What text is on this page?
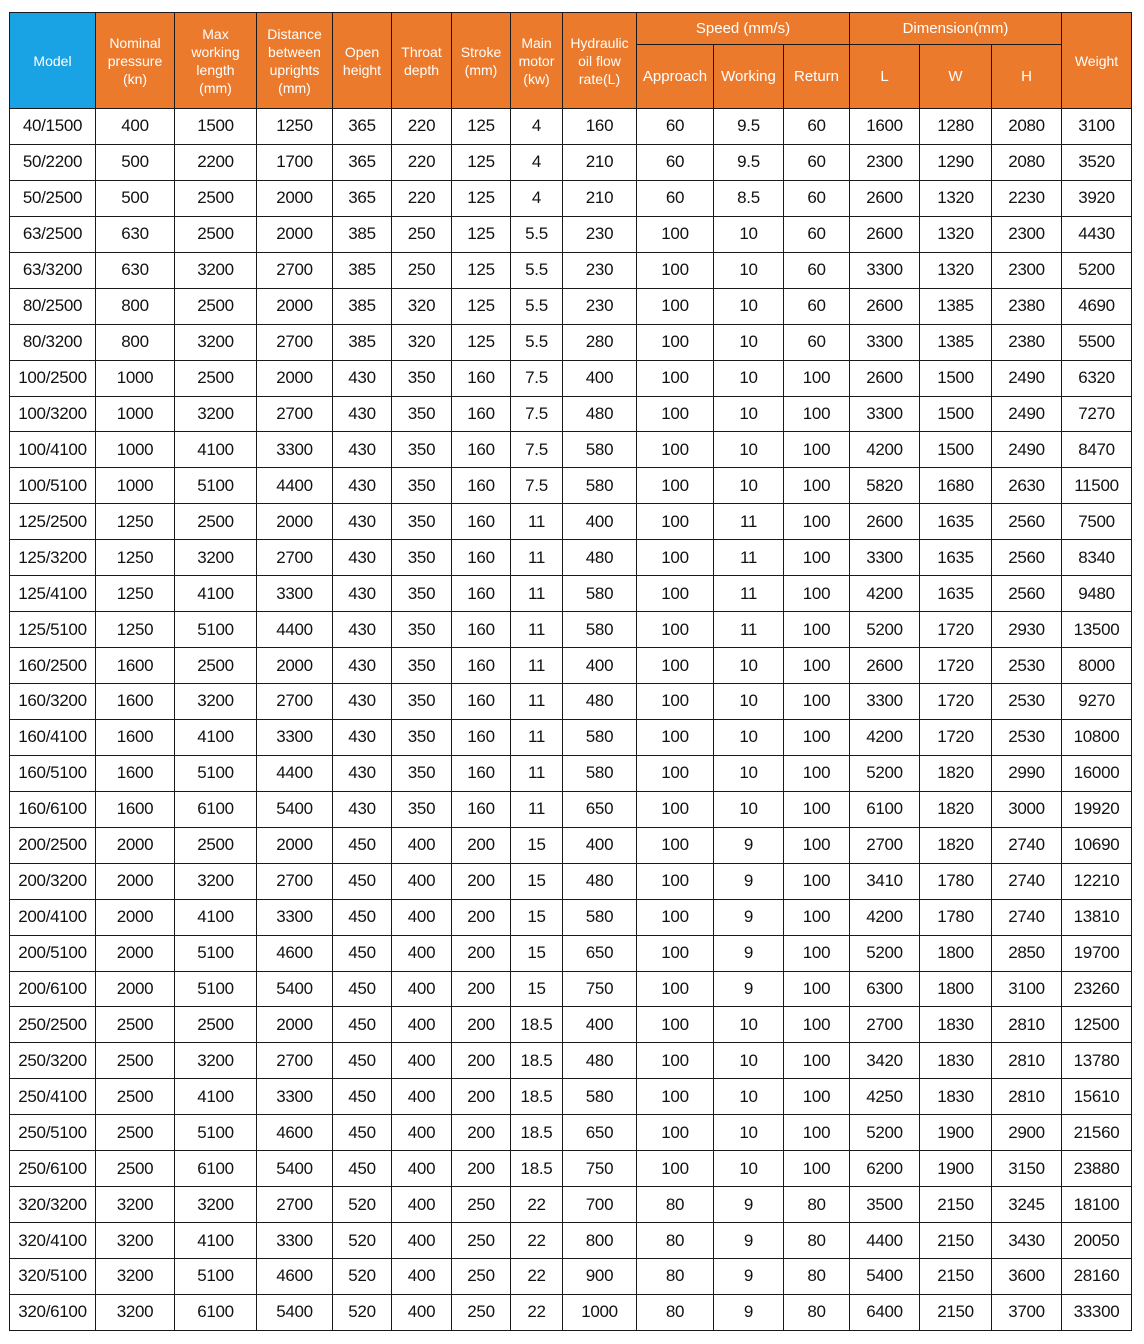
Model	Nominal
pressure
(kn)	Max
working
length
(mm)	Distance
between
uprights
(mm)	Open
height	Throat
depth	Stroke
(mm)	Main
motor
(kw)	Hydraulic
oil flow
rate(L)	Speed (mm/s)			Dimension(mm)			Weight
									Approach	Working	Return	L	W	H	
40/1500	400	1500	1250	365	220	125	4	160	60	9.5	60	1600	1280	2080	3100
50/2200	500	2200	1700	365	220	125	4	210	60	9.5	60	2300	1290	2080	3520
50/2500	500	2500	2000	365	220	125	4	210	60	8.5	60	2600	1320	2230	3920
63/2500	630	2500	2000	385	250	125	5.5	230	100	10	60	2600	1320	2300	4430
63/3200	630	3200	2700	385	250	125	5.5	230	100	10	60	3300	1320	2300	5200
80/2500	800	2500	2000	385	320	125	5.5	230	100	10	60	2600	1385	2380	4690
80/3200	800	3200	2700	385	320	125	5.5	280	100	10	60	3300	1385	2380	5500
100/2500	1000	2500	2000	430	350	160	7.5	400	100	10	100	2600	1500	2490	6320
100/3200	1000	3200	2700	430	350	160	7.5	480	100	10	100	3300	1500	2490	7270
100/4100	1000	4100	3300	430	350	160	7.5	580	100	10	100	4200	1500	2490	8470
100/5100	1000	5100	4400	430	350	160	7.5	580	100	10	100	5820	1680	2630	11500
125/2500	1250	2500	2000	430	350	160	11	400	100	11	100	2600	1635	2560	7500
125/3200	1250	3200	2700	430	350	160	11	480	100	11	100	3300	1635	2560	8340
125/4100	1250	4100	3300	430	350	160	11	580	100	11	100	4200	1635	2560	9480
125/5100	1250	5100	4400	430	350	160	11	580	100	11	100	5200	1720	2930	13500
160/2500	1600	2500	2000	430	350	160	11	400	100	10	100	2600	1720	2530	8000
160/3200	1600	3200	2700	430	350	160	11	480	100	10	100	3300	1720	2530	9270
160/4100	1600	4100	3300	430	350	160	11	580	100	10	100	4200	1720	2530	10800
160/5100	1600	5100	4400	430	350	160	11	580	100	10	100	5200	1820	2990	16000
160/6100	1600	6100	5400	430	350	160	11	650	100	10	100	6100	1820	3000	19920
200/2500	2000	2500	2000	450	400	200	15	400	100	9	100	2700	1820	2740	10690
200/3200	2000	3200	2700	450	400	200	15	480	100	9	100	3410	1780	2740	12210
200/4100	2000	4100	3300	450	400	200	15	580	100	9	100	4200	1780	2740	13810
200/5100	2000	5100	4600	450	400	200	15	650	100	9	100	5200	1800	2850	19700
200/6100	2000	5100	5400	450	400	200	15	750	100	9	100	6300	1800	3100	23260
250/2500	2500	2500	2000	450	400	200	18.5	400	100	10	100	2700	1830	2810	12500
250/3200	2500	3200	2700	450	400	200	18.5	480	100	10	100	3420	1830	2810	13780
250/4100	2500	4100	3300	450	400	200	18.5	580	100	10	100	4250	1830	2810	15610
250/5100	2500	5100	4600	450	400	200	18.5	650	100	10	100	5200	1900	2900	21560
250/6100	2500	6100	5400	450	400	200	18.5	750	100	10	100	6200	1900	3150	23880
320/3200	3200	3200	2700	520	400	250	22	700	80	9	80	3500	2150	3245	18100
320/4100	3200	4100	3300	520	400	250	22	800	80	9	80	4400	2150	3430	20050
320/5100	3200	5100	4600	520	400	250	22	900	80	9	80	5400	2150	3600	28160
320/6100	3200	6100	5400	520	400	250	22	1000	80	9	80	6400	2150	3700	33300
